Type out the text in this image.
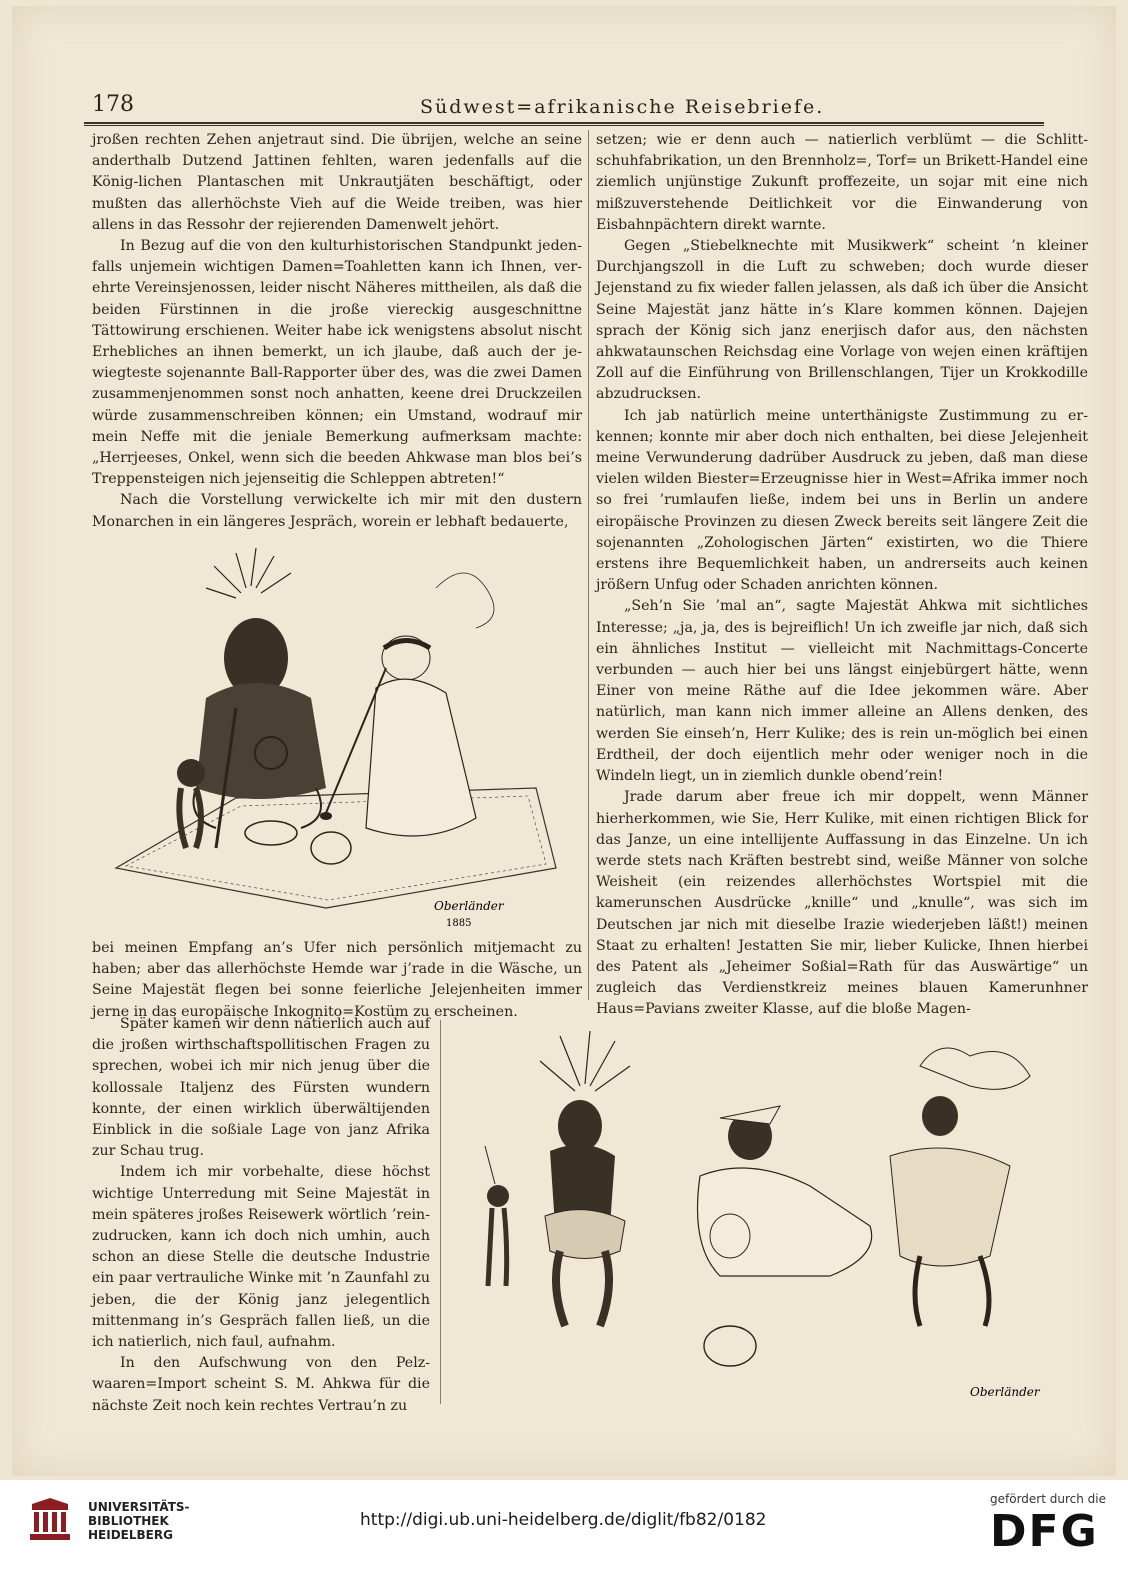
178	Südwest=afrikanische Reisebriefe.

jroßen rechten Zehen anjetraut sind. Die übrijen, welche an seine anderthalb Dutzend Jattinen fehlten, waren jedenfalls auf die König-lichen Plantaschen mit Unkrautjäten beschäftigt, oder mußten das allerhöchste Vieh auf die Weide treiben, was hier allens in das Ressohr der rejierenden Damenwelt jehört.

In Bezug auf die von den kulturhistorischen Standpunkt jeden-falls unjemein wichtigen Damen=Toahletten kann ich Ihnen, ver-ehrte Vereinsjenossen, leider nischt Näheres mittheilen, als daß die beiden Fürstinnen in die jroße viereckig ausgeschnittne Tättowirung erschienen. Weiter habe ick wenigstens absolut nischt Erhebliches an ihnen bemerkt, un ich jlaube, daß auch der je-wiegteste sojenannte Ball-Rapporter über des, was die zwei Damen zusammenjenommen sonst noch anhatten, keene drei Druckzeilen würde zusammenschreiben können; ein Umstand, wodrauf mir mein Neffe mit die jeniale Bemerkung aufmerksam machte: „Herrjeeses, Onkel, wenn sich die beeden Ahkwase man blos bei’s Treppensteigen nich jejenseitig die Schleppen abtreten!“

Nach die Vorstellung verwickelte ich mir mit den dustern Monarchen in ein längeres Jespräch, worein er lebhaft bedauerte,

setzen; wie er denn auch — natierlich verblümt — die Schlitt-schuhfabrikation, un den Brennholz=, Torf= un Brikett-Handel eine ziemlich unjünstige Zukunft proffezeite, un sojar mit eine nich mißzuverstehende Deitlichkeit vor die Einwanderung von Eisbahnpächtern direkt warnte.

Gegen „Stiebelknechte mit Musikwerk“ scheint ’n kleiner Durchjangszoll in die Luft zu schweben; doch wurde dieser Jejenstand zu fix wieder fallen jelassen, als daß ich über die Ansicht Seine Majestät janz hätte in’s Klare kommen können. Dajejen sprach der König sich janz enerjisch dafor aus, den nächsten ahkwataunschen Reichsdag eine Vorlage von wejen einen kräftijen Zoll auf die Einführung von Brillenschlangen, Tijer un Krokkodille abzudrucksen.

Ich jab natürlich meine unterthänigste Zustimmung zu er-kennen; konnte mir aber doch nich enthalten, bei diese Jelejenheit meine Verwunderung dadrüber Ausdruck zu jeben, daß man diese vielen wilden Biester=Erzeugnisse hier in West=Afrika immer noch so frei ’rumlaufen ließe, indem bei uns in Berlin un andere eiropäische Provinzen zu diesen Zweck bereits seit längere Zeit die sojenannten „Zohologischen Järten“ existirten, wo die Thiere erstens ihre Bequemlichkeit haben, un andrerseits auch keinen jrößern Unfug oder Schaden anrichten können.

„Seh’n Sie ’mal an“, sagte Majestät Ahkwa mit sichtliches Interesse; „ja, ja, des is bejreiflich! Un ich zweifle jar nich, daß sich ein ähnliches Institut — vielleicht mit Nachmittags-Concerte verbunden — auch hier bei uns längst einjebürgert hätte, wenn Einer von meine Räthe auf die Idee jekommen wäre. Aber natürlich, man kann nich immer alleine an Allens denken, des werden Sie einseh’n, Herr Kulike; des is rein un-möglich bei einen Erdtheil, der doch eijentlich mehr oder weniger noch in die Windeln liegt, un in ziemlich dunkle obend’rein!

Jrade darum aber freue ich mir doppelt, wenn Männer hierherkommen, wie Sie, Herr Kulike, mit einen richtigen Blick for das Janze, un eine intellijente Auffassung in das Einzelne. Un ich werde stets nach Kräften bestrebt sind, weiße Männer von solche Weisheit (ein reizendes allerhöchstes Wortspiel mit die kamerunschen Ausdrücke „knille“ und „knulle“, was sich im Deutschen jar nich mit dieselbe Irazie wiederjeben läßt!) meinen Staat zu erhalten! Jestatten Sie mir, lieber Kulicke, Ihnen hierbei des Patent als „Jeheimer Soßial=Rath für das Auswärtige“ un zugleich das Verdienstkreiz meines blauen Kamerunhner Haus=Pavians zweiter Klasse, auf die bloße Magen-

Oberländer
1885

bei meinen Empfang an’s Ufer nich persönlich mitjemacht zu haben; aber das allerhöchste Hemde war j’rade in die Wäsche, un Seine Majestät flegen bei sonne feierliche Jelejenheiten immer jerne in das europäische Inkognito=Kostüm zu erscheinen.

Später kamen wir denn natierlich auch auf die jroßen wirthschaftspollitischen Fragen zu sprechen, wobei ich mir nich jenug über die kollossale Italjenz des Fürsten wundern konnte, der einen wirklich überwältijenden Einblick in die soßiale Lage von janz Afrika zur Schau trug.

Indem ich mir vorbehalte, diese höchst wichtige Unterredung mit Seine Majestät in mein späteres jroßes Reisewerk wörtlich ’rein-zudrucken, kann ich doch nich umhin, auch schon an diese Stelle die deutsche Industrie ein paar vertrauliche Winke mit ’n Zaunfahl zu jeben, die der König janz jelegentlich mittenmang in’s Gespräch fallen ließ, un die ich natierlich, nich faul, aufnahm.

In den Aufschwung von den Pelz-waaren=Import scheint S. M. Ahkwa für die nächste Zeit noch kein rechtes Vertrau’n zu

Oberländer
UNIVERSITÄTS-
BIBLIOTHEK
HEIDELBERG
http://digi.ub.uni-heidelberg.de/diglit/fb82/0182
gefördert durch die
DFG
